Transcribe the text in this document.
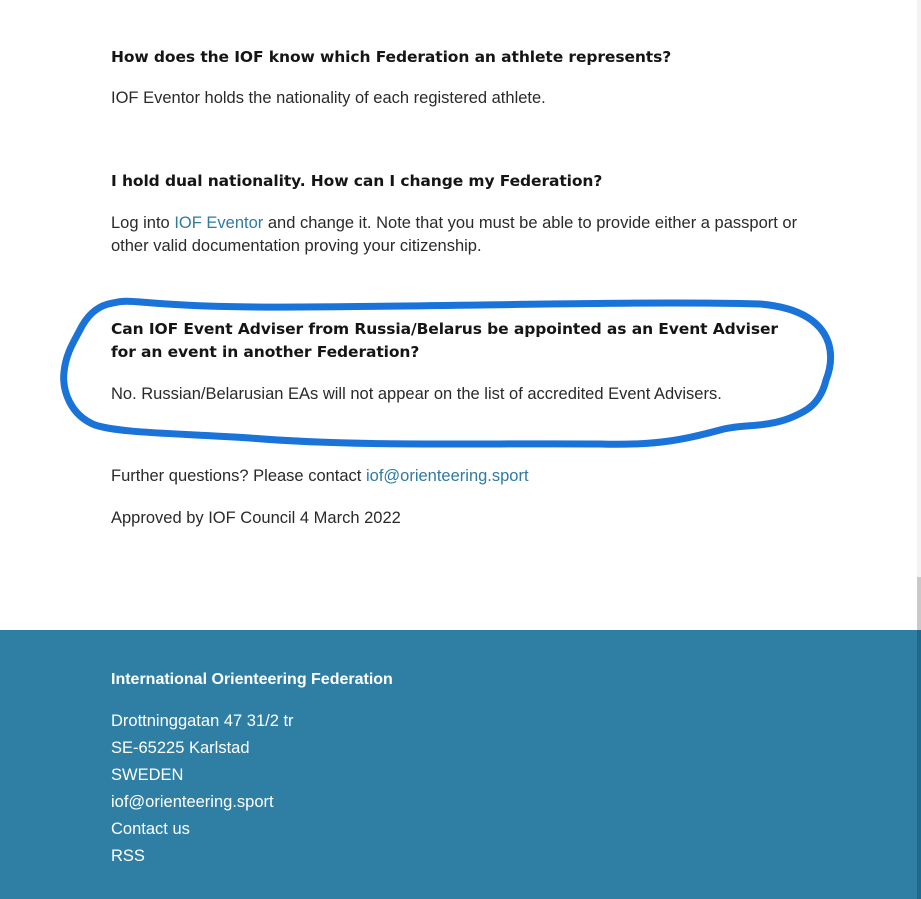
How does the IOF know which Federation an athlete represents?

IOF Eventor holds the nationality of each registered athlete.

I hold dual nationality. How can I change my Federation?

Log into IOF Eventor and change it. Note that you must be able to provide either a passport or other valid documentation proving your citizenship.

Can IOF Event Adviser from Russia/Belarus be appointed as an Event Adviser for an event in another Federation?

No. Russian/Belarusian EAs will not appear on the list of accredited Event Advisers.

Further questions? Please contact iof@orienteering.sport

Approved by IOF Council 4 March 2022

International Orienteering Federation
Drottninggatan 47 31/2 tr
SE-65225 Karlstad
SWEDEN
iof@orienteering.sport
Contact us
RSS
